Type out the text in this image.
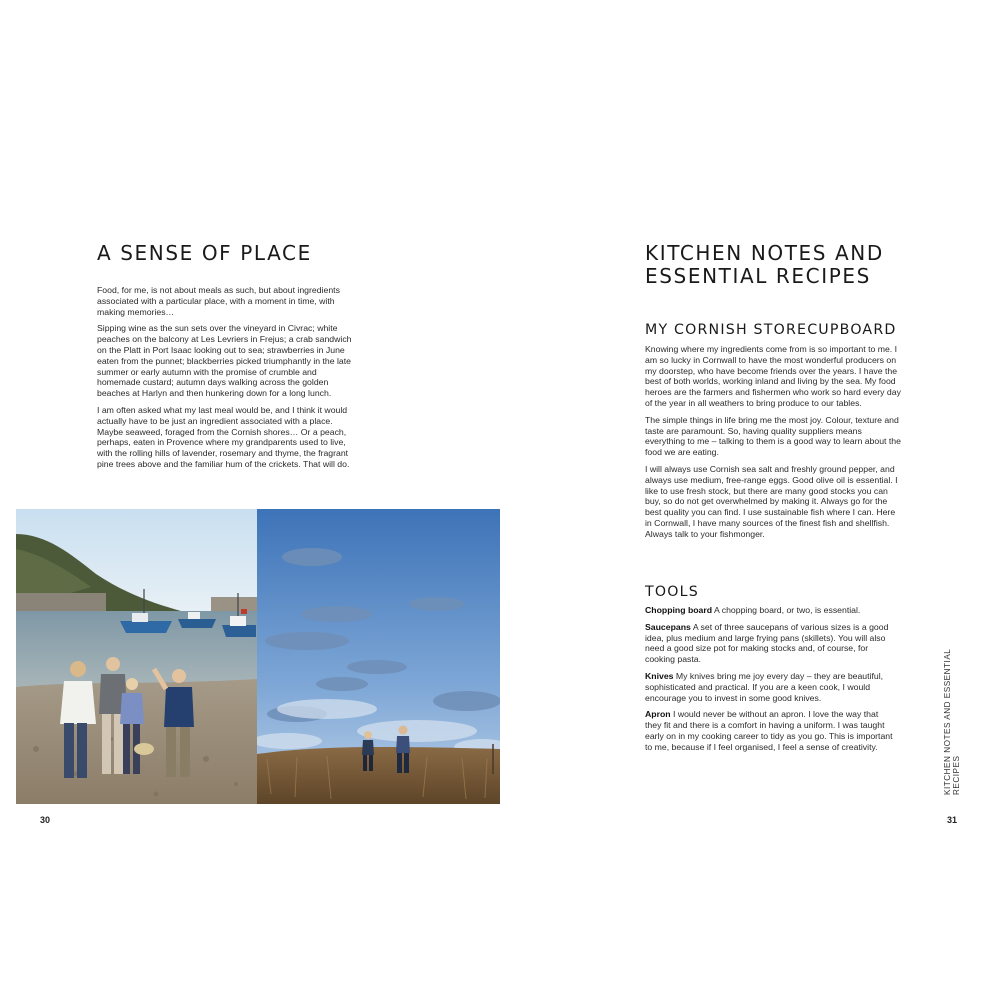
A SENSE OF PLACE

Food, for me, is not about meals as such, but about ingredients associated with a particular place, with a moment in time, with making memories…

Sipping wine as the sun sets over the vineyard in Civrac; white peaches on the balcony at Les Levriers in Frejus; a crab sandwich on the Platt in Port Isaac looking out to sea; strawberries in June eaten from the punnet; blackberries picked triumphantly in the late summer or early autumn with the promise of crumble and homemade custard; autumn days walking across the golden beaches at Harlyn and then hunkering down for a long lunch.

I am often asked what my last meal would be, and I think it would actually have to be just an ingredient associated with a place. Maybe seaweed, foraged from the Cornish shores… Or a peach, perhaps, eaten in Provence where my grandparents used to live, with the rolling hills of lavender, rosemary and thyme, the fragrant pine trees above and the familiar hum of the crickets. That will do.

30
KITCHEN NOTES AND
ESSENTIAL RECIPES
MY CORNISH STORECUPBOARD

Knowing where my ingredients come from is so important to me. I am so lucky in Cornwall to have the most wonderful producers on my doorstep, who have become friends over the years. I have the best of both worlds, working inland and living by the sea. My food heroes are the farmers and fishermen who work so hard every day of the year in all weathers to bring produce to our tables.

The simple things in life bring me the most joy. Colour, texture and taste are paramount. So, having quality suppliers means everything to me – talking to them is a good way to learn about the food we are eating.

I will always use Cornish sea salt and freshly ground pepper, and always use medium, free-range eggs. Good olive oil is essential. I like to use fresh stock, but there are many good stocks you can buy, so do not get overwhelmed by making it. Always go for the best quality you can find. I use sustainable fish where I can. Here in Cornwall, I have many sources of the finest fish and shellfish. Always talk to your fishmonger.

TOOLS

Chopping board A chopping board, or two, is essential.

Saucepans A set of three saucepans of various sizes is a good idea, plus medium and large frying pans (skillets). You will also need a good size pot for making stocks and, of course, for cooking pasta.

Knives My knives bring me joy every day – they are beautiful, sophisticated and practical. If you are a keen cook, I would encourage you to invest in some good knives.

Apron I would never be without an apron. I love the way that they fit and there is a comfort in having a uniform. I was taught early on in my cooking career to tidy as you go. This is important to me, because if I feel organised, I feel a sense of creativity.	KITCHEN NOTES AND ESSENTIAL RECIPES
31
